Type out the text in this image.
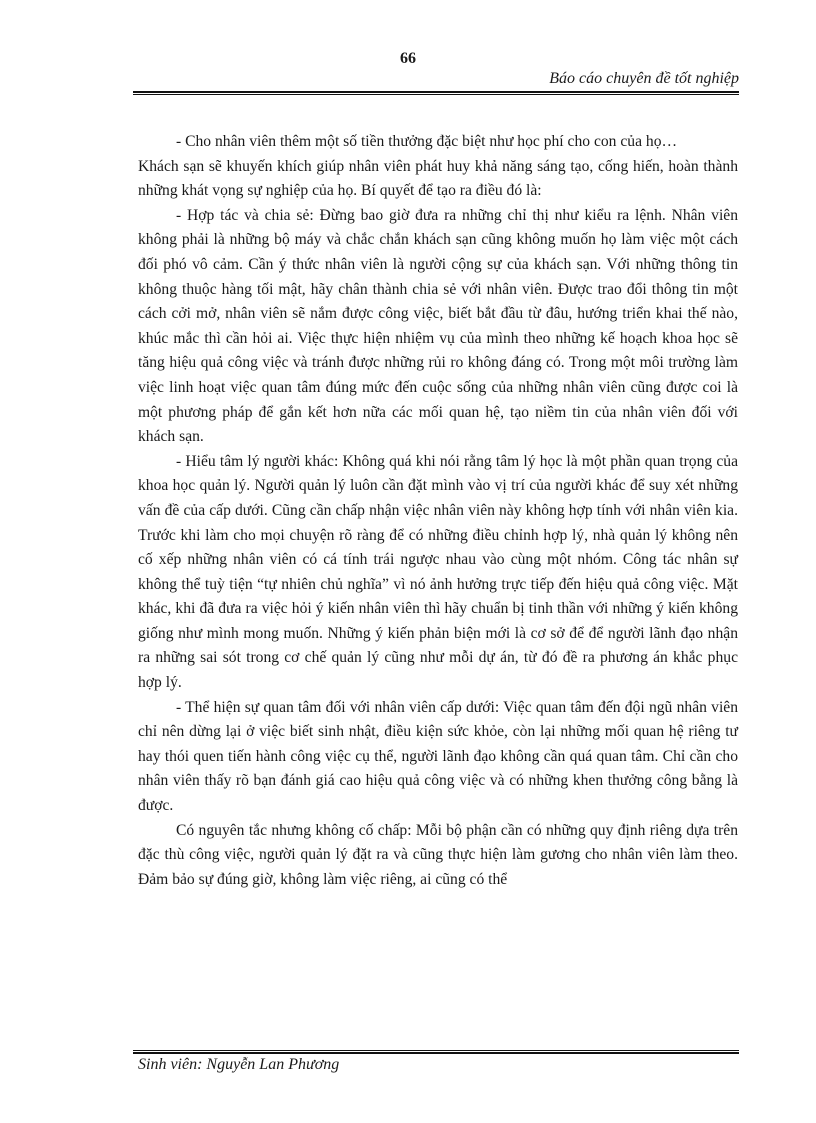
66
Báo cáo chuyên đề tốt nghiệp

- Cho nhân viên thêm một số tiền thưởng đặc biệt như học phí cho con của họ…

Khách sạn sẽ khuyến khích giúp nhân viên phát huy khả năng sáng tạo, cống hiến, hoàn thành những khát vọng sự nghiệp của họ. Bí quyết để tạo ra điều đó là:

- Hợp tác và chia sẻ: Đừng bao giờ đưa ra những chỉ thị như kiểu ra lệnh. Nhân viên không phải là những bộ máy và chắc chắn khách sạn cũng không muốn họ làm việc một cách đối phó vô cảm. Cần ý thức nhân viên là người cộng sự của khách sạn. Với những thông tin không thuộc hàng tối mật, hãy chân thành chia sẻ với nhân viên. Được trao đổi thông tin một cách cởi mở, nhân viên sẽ nắm được công việc, biết bắt đầu từ đâu, hướng triển khai thế nào, khúc mắc thì cần hỏi ai. Việc thực hiện nhiệm vụ của mình theo những kế hoạch khoa học sẽ tăng hiệu quả công việc và tránh được những rủi ro không đáng có. Trong một môi trường làm việc linh hoạt việc quan tâm đúng mức đến cuộc sống của những nhân viên cũng được coi là một phương pháp để gắn kết hơn nữa các mối quan hệ, tạo niềm tin của nhân viên đối với khách sạn.

- Hiểu tâm lý người khác: Không quá khi nói rằng tâm lý học là một phần quan trọng của khoa học quản lý. Người quản lý luôn cần đặt mình vào vị trí của người khác để suy xét những vấn đề của cấp dưới. Cũng cần chấp nhận việc nhân viên này không hợp tính với nhân viên kia. Trước khi làm cho mọi chuyện rõ ràng để có những điều chỉnh hợp lý, nhà quản lý không nên cố xếp những nhân viên có cá tính trái ngược nhau vào cùng một nhóm. Công tác nhân sự không thể tuỳ tiện “tự nhiên chủ nghĩa” vì nó ảnh hưởng trực tiếp đến hiệu quả công việc. Mặt khác, khi đã đưa ra việc hỏi ý kiến nhân viên thì hãy chuẩn bị tinh thần với những ý kiến không giống như mình mong muốn. Những ý kiến phản biện mới là cơ sở để để người lãnh đạo nhận ra những sai sót trong cơ chế quản lý cũng như mỗi dự án, từ đó đề ra phương án khắc phục hợp lý.

- Thể hiện sự quan tâm đối với nhân viên cấp dưới: Việc quan tâm đến đội ngũ nhân viên chỉ nên dừng lại ở việc biết sinh nhật, điều kiện sức khỏe, còn lại những mối quan hệ riêng tư hay thói quen tiến hành công việc cụ thể, người lãnh đạo không cần quá quan tâm. Chỉ cần cho nhân viên thấy rõ bạn đánh giá cao hiệu quả công việc và có những khen thưởng công bằng là được.

Có nguyên tắc nhưng không cố chấp: Mỗi bộ phận cần có những quy định riêng dựa trên đặc thù công việc, người quản lý đặt ra và cũng thực hiện làm gương cho nhân viên làm theo. Đảm bảo sự đúng giờ, không làm việc riêng, ai cũng có thể

Sinh viên: Nguyễn Lan Phương
